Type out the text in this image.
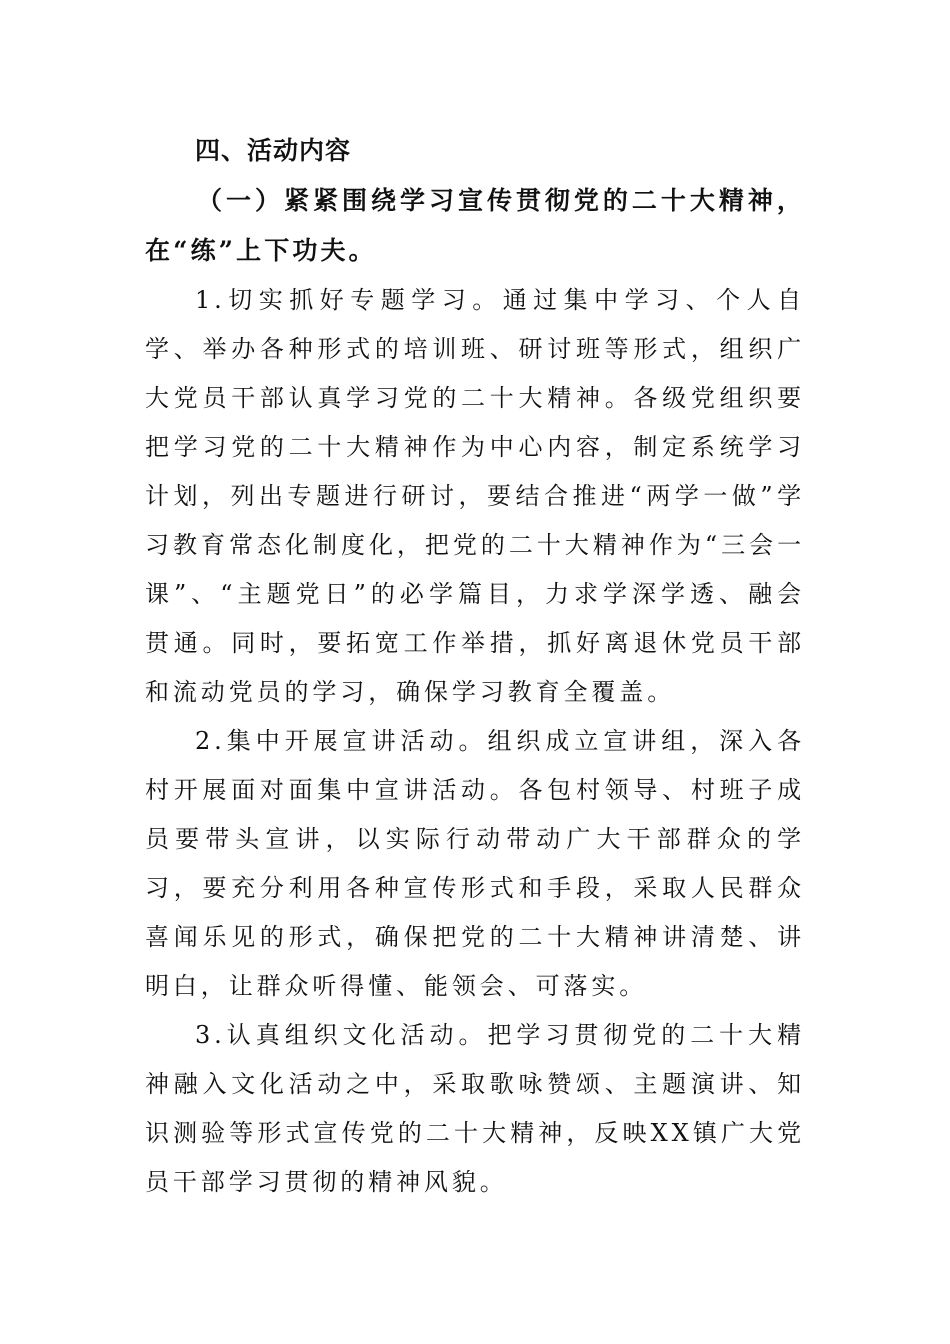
四、活动内容

（一）紧紧围绕学习宣传贯彻党的二十大精神，在“练”上下功夫。

1.切实抓好专题学习。通过集中学习、个人自学、举办各种形式的培训班、研讨班等形式，组织广大党员干部认真学习党的二十大精神。各级党组织要把学习党的二十大精神作为中心内容，制定系统学习计划，列出专题进行研讨，要结合推进“两学一做”学习教育常态化制度化，把党的二十大精神作为“三会一课”、“主题党日”的必学篇目，力求学深学透、融会贯通。同时，要拓宽工作举措，抓好离退休党员干部和流动党员的学习，确保学习教育全覆盖。

2.集中开展宣讲活动。组织成立宣讲组，深入各村开展面对面集中宣讲活动。各包村领导、村班子成员要带头宣讲，以实际行动带动广大干部群众的学习，要充分利用各种宣传形式和手段，采取人民群众喜闻乐见的形式，确保把党的二十大精神讲清楚、讲明白，让群众听得懂、能领会、可落实。

3.认真组织文化活动。把学习贯彻党的二十大精神融入文化活动之中，采取歌咏赞颂、主题演讲、知识测验等形式宣传党的二十大精神，反映XX镇广大党员干部学习贯彻的精神风貌。
